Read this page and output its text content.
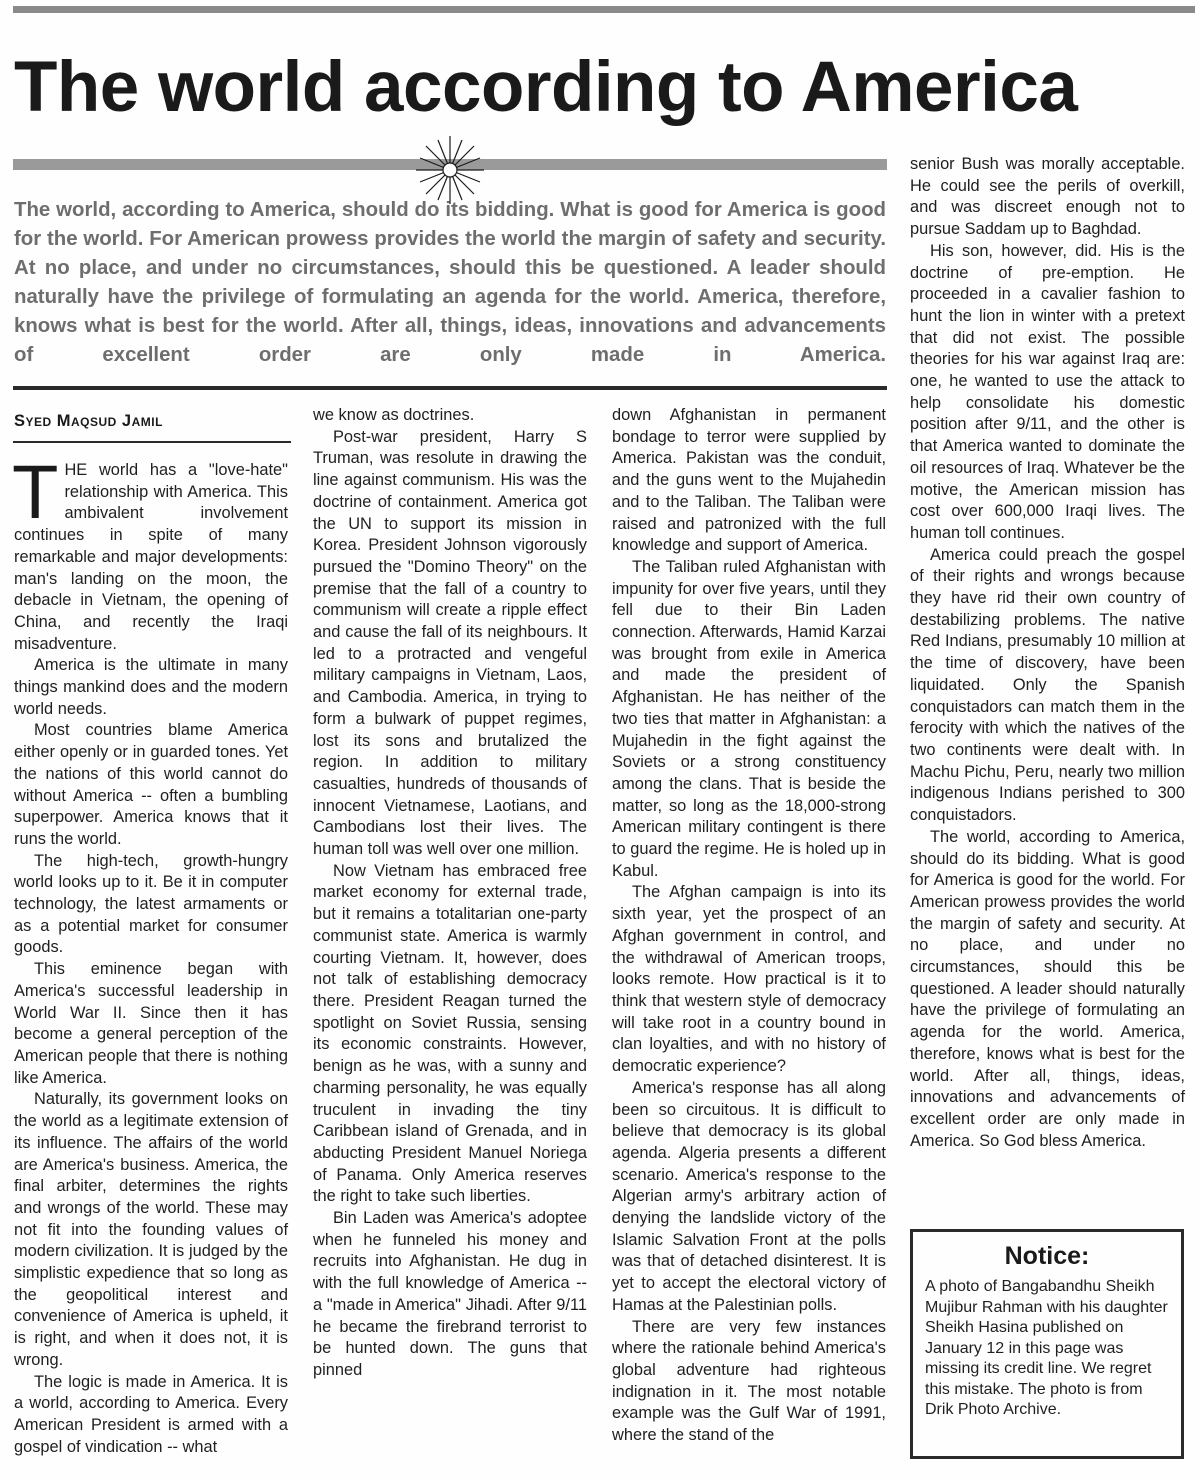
The world according to America

The world, according to America, should do its bidding. What is good for America is good for the world. For American prowess provides the world the margin of safety and security. At no place, and under no circumstances, should this be questioned. A leader should naturally have the privilege of formulating an agenda for the world. America, therefore, knows what is best for the world. After all, things, ideas, innovations and advancements of excellent order are only made in America.

Syed Maqsud Jamil

THE world has a "love-hate" relationship with America. This ambivalent involvement continues in spite of many remarkable and major developments: man's landing on the moon, the debacle in Vietnam, the opening of China, and recently the Iraqi misadventure.

America is the ultimate in many things mankind does and the modern world needs.

Most countries blame America either openly or in guarded tones. Yet the nations of this world cannot do without America -- often a bumbling superpower. America knows that it runs the world.

The high-tech, growth-hungry world looks up to it. Be it in computer technology, the latest armaments or as a potential market for consumer goods.

This eminence began with America's successful leadership in World War II. Since then it has become a general perception of the American people that there is nothing like America.

Naturally, its government looks on the world as a legitimate extension of its influence. The affairs of the world are America's business. America, the final arbiter, determines the rights and wrongs of the world. These may not fit into the founding values of modern civilization. It is judged by the simplistic expedience that so long as the geopolitical interest and convenience of America is upheld, it is right, and when it does not, it is wrong.

The logic is made in America. It is a world, according to America. Every American President is armed with a gospel of vindication -- what

we know as doctrines.

Post-war president, Harry S Truman, was resolute in drawing the line against communism. His was the doctrine of containment. America got the UN to support its mission in Korea. President Johnson vigorously pursued the "Domino Theory" on the premise that the fall of a country to communism will create a ripple effect and cause the fall of its neighbours. It led to a protracted and vengeful military campaigns in Vietnam, Laos, and Cambodia. America, in trying to form a bulwark of puppet regimes, lost its sons and brutalized the region. In addition to military casualties, hundreds of thousands of innocent Vietnamese, Laotians, and Cambodians lost their lives. The human toll was well over one million.

Now Vietnam has embraced free market economy for external trade, but it remains a totalitarian one-party communist state. America is warmly courting Vietnam. It, however, does not talk of establishing democracy there. President Reagan turned the spotlight on Soviet Russia, sensing its economic constraints. However, benign as he was, with a sunny and charming personality, he was equally truculent in invading the tiny Caribbean island of Grenada, and in abducting President Manuel Noriega of Panama. Only America reserves the right to take such liberties.

Bin Laden was America's adoptee when he funneled his money and recruits into Afghanistan. He dug in with the full knowledge of America -- a "made in America" Jihadi. After 9/11 he became the firebrand terrorist to be hunted down. The guns that pinned

down Afghanistan in permanent bondage to terror were supplied by America. Pakistan was the conduit, and the guns went to the Mujahedin and to the Taliban. The Taliban were raised and patronized with the full knowledge and support of America.

The Taliban ruled Afghanistan with impunity for over five years, until they fell due to their Bin Laden connection. Afterwards, Hamid Karzai was brought from exile in America and made the president of Afghanistan. He has neither of the two ties that matter in Afghanistan: a Mujahedin in the fight against the Soviets or a strong constituency among the clans. That is beside the matter, so long as the 18,000-strong American military contingent is there to guard the regime. He is holed up in Kabul.

The Afghan campaign is into its sixth year, yet the prospect of an Afghan government in control, and the withdrawal of American troops, looks remote. How practical is it to think that western style of democracy will take root in a country bound in clan loyalties, and with no history of democratic experience?

America's response has all along been so circuitous. It is difficult to believe that democracy is its global agenda. Algeria presents a different scenario. America's response to the Algerian army's arbitrary action of denying the landslide victory of the Islamic Salvation Front at the polls was that of detached disinterest. It is yet to accept the electoral victory of Hamas at the Palestinian polls.

There are very few instances where the rationale behind America's global adventure had righteous indignation in it. The most notable example was the Gulf War of 1991, where the stand of the

senior Bush was morally acceptable. He could see the perils of overkill, and was discreet enough not to pursue Saddam up to Baghdad.

His son, however, did. His is the doctrine of pre-emption. He proceeded in a cavalier fashion to hunt the lion in winter with a pretext that did not exist. The possible theories for his war against Iraq are: one, he wanted to use the attack to help consolidate his domestic position after 9/11, and the other is that America wanted to dominate the oil resources of Iraq. Whatever be the motive, the American mission has cost over 600,000 Iraqi lives. The human toll continues.

America could preach the gospel of their rights and wrongs because they have rid their own country of destabilizing problems. The native Red Indians, presumably 10 million at the time of discovery, have been liquidated. Only the Spanish conquistadors can match them in the ferocity with which the natives of the two continents were dealt with. In Machu Pichu, Peru, nearly two million indigenous Indians perished to 300 conquistadors.

The world, according to America, should do its bidding. What is good for America is good for the world. For American prowess provides the world the margin of safety and security. At no place, and under no circumstances, should this be questioned. A leader should naturally have the privilege of formulating an agenda for the world. America, therefore, knows what is best for the world. After all, things, ideas, innovations and advancements of excellent order are only made in America. So God bless America.

Notice:

A photo of Bangabandhu Sheikh Mujibur Rahman with his daughter Sheikh Hasina published on January 12 in this page was missing its credit line. We regret this mistake. The photo is from Drik Photo Archive.
